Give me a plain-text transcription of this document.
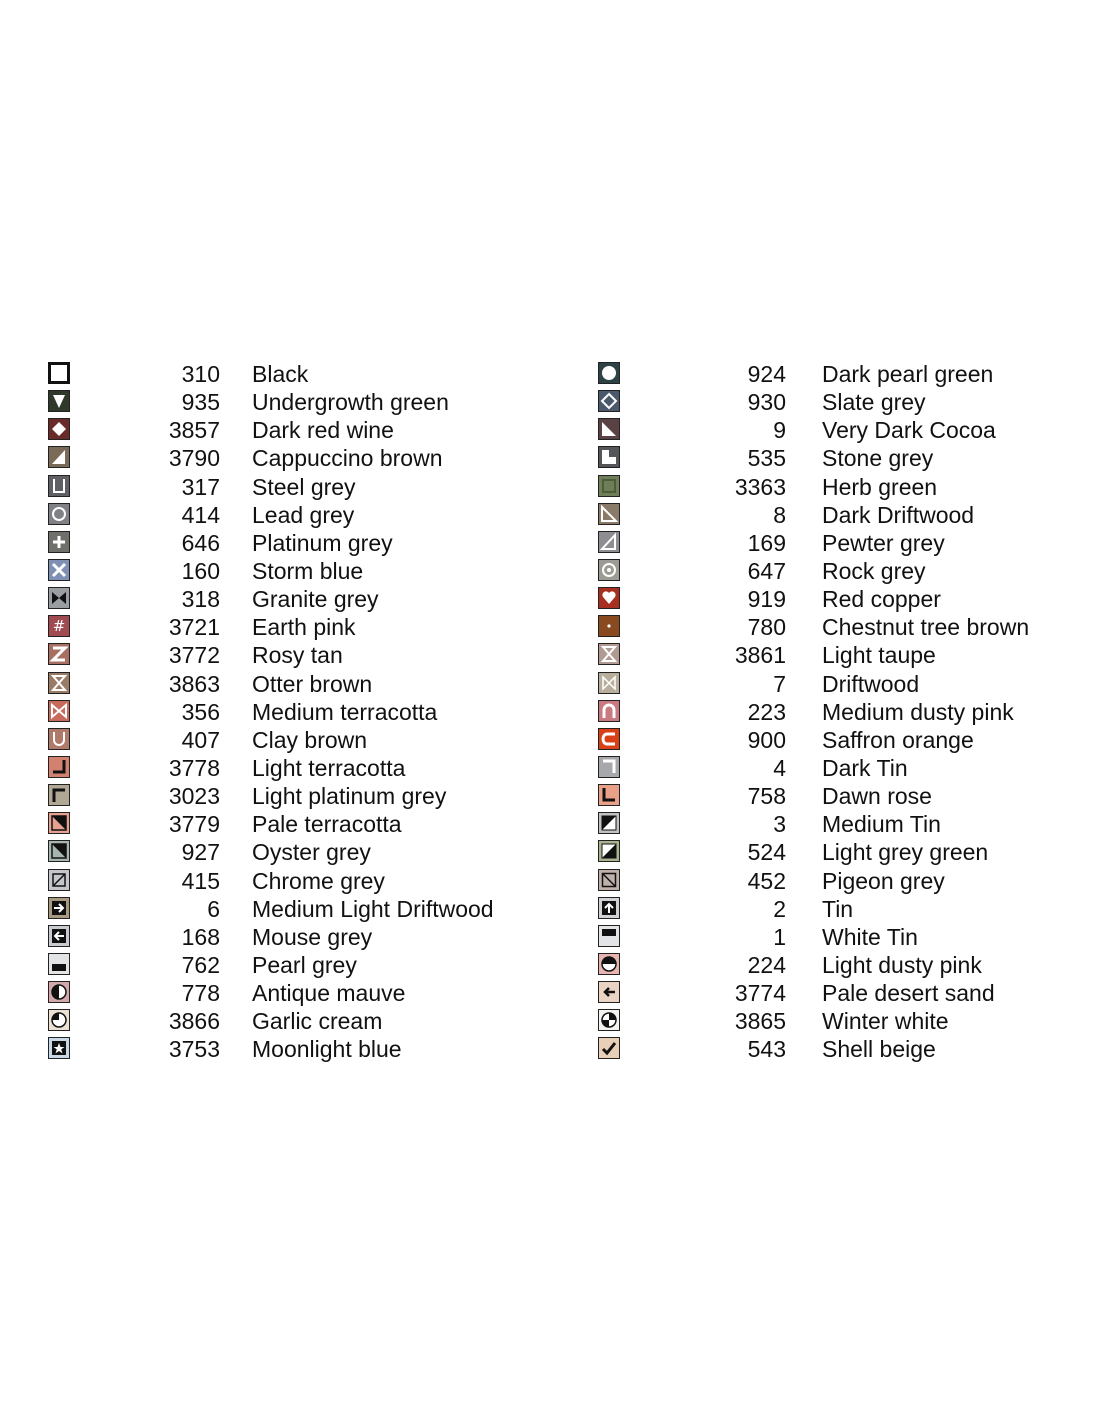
310 Black
935 Undergrowth green
3857 Dark red wine
3790 Cappuccino brown
317 Steel grey
414 Lead grey
646 Platinum grey
160 Storm blue
318 Granite grey
#	3721 Earth pink
3772 Rosy tan
3863 Otter brown
356 Medium terracotta
407 Clay brown
3778 Light terracotta
3023 Light platinum grey
3779 Pale terracotta
927 Oyster grey
415 Chrome grey
6 Medium Light Driftwood
168 Mouse grey
762 Pearl grey
778 Antique mauve
3866 Garlic cream
3753 Moonlight blue
924 Dark pearl green
930 Slate grey
9 Very Dark Cocoa
535 Stone grey
3363 Herb green
8 Dark Driftwood
169 Pewter grey
647 Rock grey
919 Red copper
780 Chestnut tree brown
3861 Light taupe
7 Driftwood
223 Medium dusty pink
900 Saffron orange
4 Dark Tin
758 Dawn rose
3 Medium Tin
524 Light grey green
452 Pigeon grey
2 Tin
1 White Tin
224 Light dusty pink
3774 Pale desert sand
3865 Winter white
543 Shell beige
